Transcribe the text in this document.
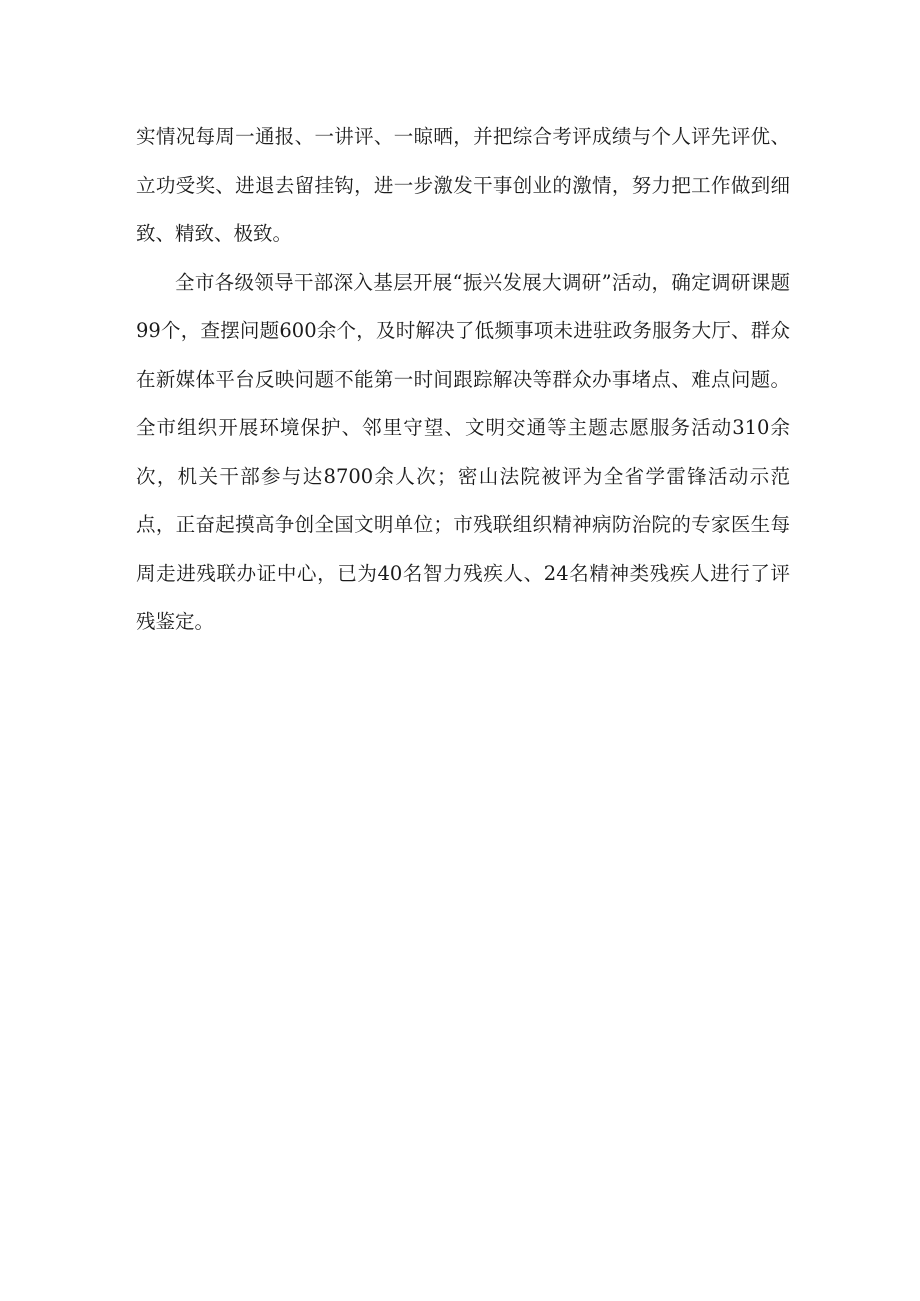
实情况每周一通报、一讲评、一晾晒，并把综合考评成绩与个人评先评优、立功受奖、进退去留挂钩，进一步激发干事创业的激情，努力把工作做到细致、精致、极致。

全市各级领导干部深入基层开展“振兴发展大调研”活动，确定调研课题99个，查摆问题600余个，及时解决了低频事项未进驻政务服务大厅、群众在新媒体平台反映问题不能第一时间跟踪解决等群众办事堵点、难点问题。全市组织开展环境保护、邻里守望、文明交通等主题志愿服务活动310余次，机关干部参与达8700余人次；密山法院被评为全省学雷锋活动示范点，正奋起摸高争创全国文明单位；市残联组织精神病防治院的专家医生每周走进残联办证中心，已为40名智力残疾人、24名精神类残疾人进行了评残鉴定。
